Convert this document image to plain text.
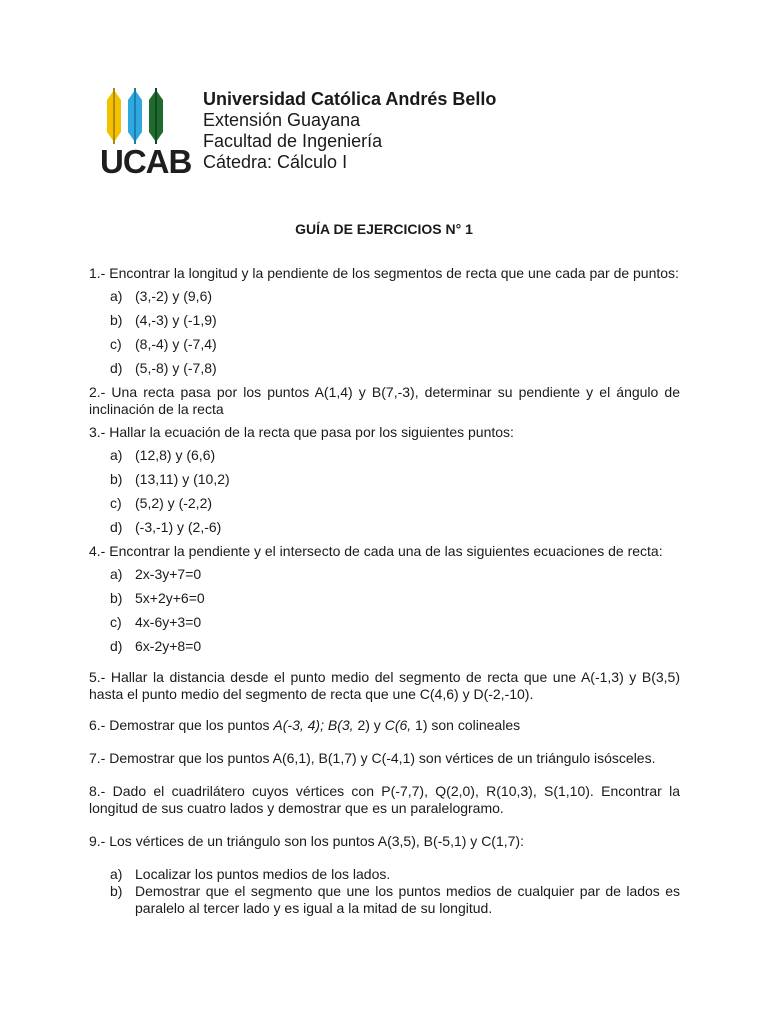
UCAB
Universidad Católica Andrés Bello
Extensión Guayana
Facultad de Ingeniería
Cátedra: Cálculo I
GUÍA DE EJERCICIOS N° 1

1.- Encontrar la longitud y la pendiente de los segmentos de recta que une cada par de puntos:

a) (3,-2) y (9,6)
b) (4,-3) y (-1,9)
c) (8,-4) y (-7,4)
d) (5,-8) y (-7,8)

2.- Una recta pasa por los puntos A(1,4) y B(7,-3), determinar su pendiente y el ángulo de inclinación de la recta

3.- Hallar la ecuación de la recta que pasa por los siguientes puntos:

a) (12,8) y (6,6)
b) (13,11) y (10,2)
c) (5,2) y (-2,2)
d) (-3,-1) y (2,-6)

4.- Encontrar la pendiente y el intersecto de cada una de las siguientes ecuaciones de recta:

a) 2x-3y+7=0
b) 5x+2y+6=0
c) 4x-6y+3=0
d) 6x-2y+8=0

5.- Hallar la distancia desde el punto medio del segmento de recta que une A(-1,3) y B(3,5) hasta el punto medio del segmento de recta que une C(4,6) y D(-2,-10).

6.- Demostrar que los puntos A(-3, 4); B(3, 2) y C(6, 1) son colineales

7.- Demostrar que los puntos A(6,1), B(1,7) y C(-4,1) son vértices de un triángulo isósceles.

8.- Dado el cuadrilátero cuyos vértices con P(-7,7), Q(2,0), R(10,3), S(1,10). Encontrar la longitud de sus cuatro lados y demostrar que es un paralelogramo.

9.- Los vértices de un triángulo son los puntos A(3,5), B(-5,1) y C(1,7):

a) Localizar los puntos medios de los lados.
b) Demostrar que el segmento que une los puntos medios de cualquier par de lados es paralelo al tercer lado y es igual a la mitad de su longitud.
